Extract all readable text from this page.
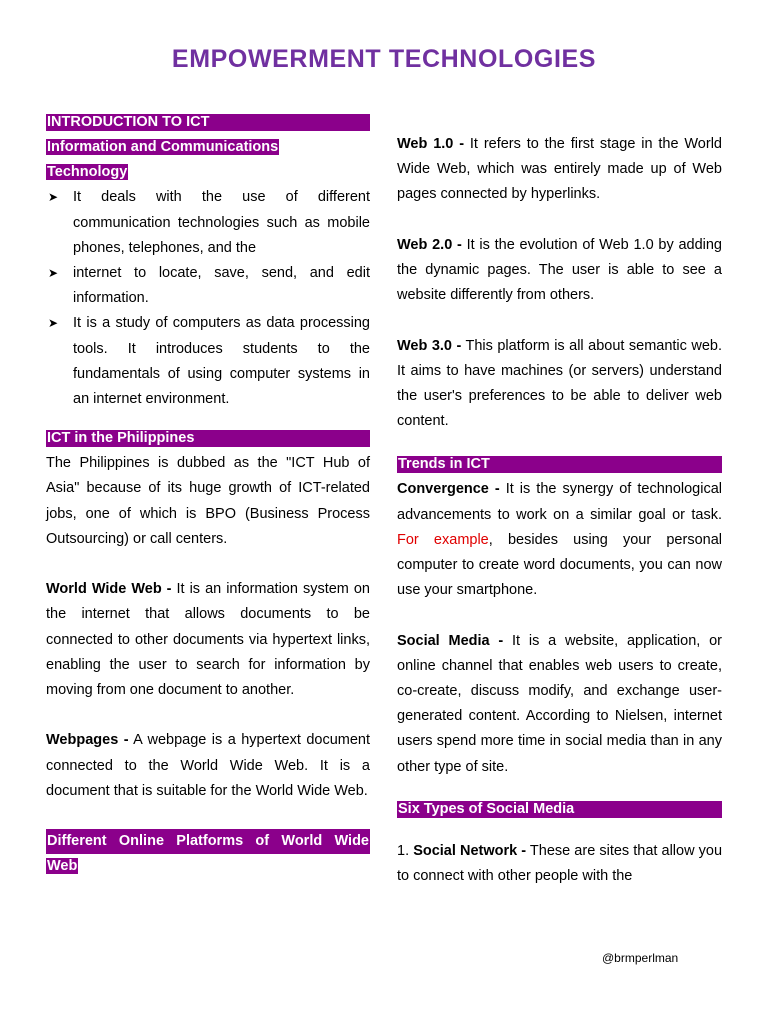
EMPOWERMENT TECHNOLOGIES
INTRODUCTION TO ICT
Information and Communications
Technology
➤ It deals with the use of different communication technologies such as mobile phones, telephones, and the
➤ internet to locate, save, send, and edit information.
➤ It is a study of computers as data processing tools. It introduces students to the fundamentals of using computer systems in an internet environment.
ICT in the Philippines

The Philippines is dubbed as the "ICT Hub of Asia" because of its huge growth of ICT-related jobs, one of which is BPO (Business Process Outsourcing) or call centers.

World Wide Web - It is an information system on the internet that allows documents to be connected to other documents via hypertext links, enabling the user to search for information by moving from one document to another.

Webpages - A webpage is a hypertext document connected to the World Wide Web. It is a document that is suitable for the World Wide Web.

Different Online Platforms of World Wide
Web

Web 1.0 - It refers to the first stage in the World Wide Web, which was entirely made up of Web pages connected by hyperlinks.

Web 2.0 - It is the evolution of Web 1.0 by adding the dynamic pages. The user is able to see a website differently from others.

Web 3.0 - This platform is all about semantic web. It aims to have machines (or servers) understand the user's preferences to be able to deliver web content.

Trends in ICT

Convergence - It is the synergy of technological advancements to work on a similar goal or task. For example, besides using your personal computer to create word documents, you can now use your smartphone.

Social Media - It is a website, application, or online channel that enables web users to create, co-create, discuss modify, and exchange user-generated content. According to Nielsen, internet users spend more time in social media than in any other type of site.

Six Types of Social Media

1. Social Network - These are sites that allow you to connect with other people with the

@brmperlman
